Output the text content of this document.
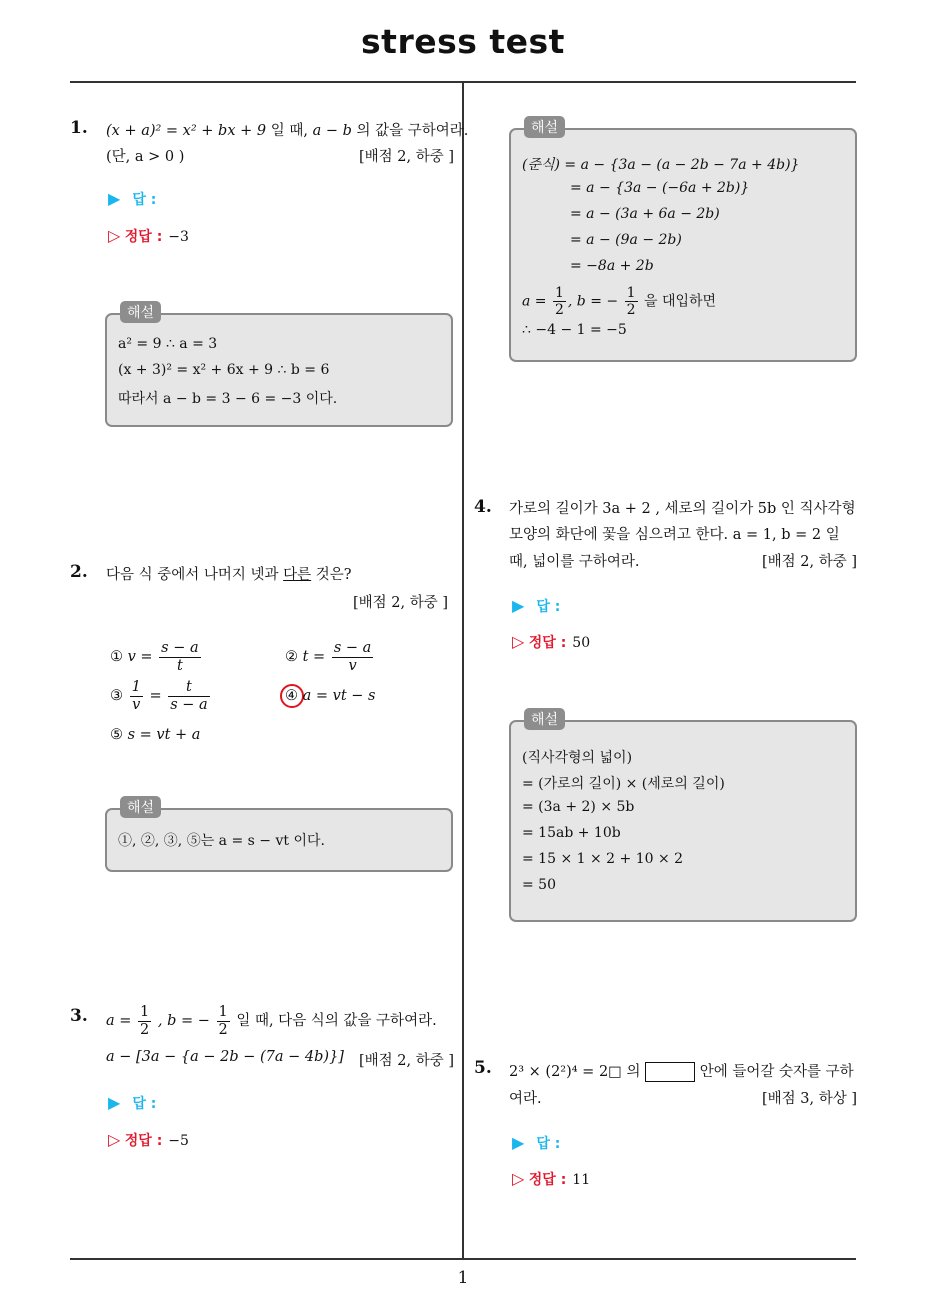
stress test
1. (x + a)² = x² + bx + 9 일 때, a − b 의 값을 구하여라.
(단, a > 0 )	[배점 2, 하중 ]
▶ 답 :
▷ 정답 : −3
해설
a² = 9 ∴ a = 3
(x + 3)² = x² + 6x + 9 ∴ b = 6
따라서 a − b = 3 − 6 = −3 이다.
2. 다음 식 중에서 나머지 넷과 다른 것은?
[배점 2, 하중 ]
① $v = \frac{s - a}{t}$	② $t = \frac{s - a}{v}$
③ $\frac{1}{v} = \frac{t}{s - a}$	④ a = vt − s
⑤ s = vt + a
해설
①, ②, ③, ⑤는 a = s − vt 이다.
3. $a = \frac{1}{2}$ , b = − $\frac{1}{2}$ 일 때, 다음 식의 값을 구하여라.
a − [3a − {a − 2b − (7a − 4b)}] [배점 2, 하중 ]
▶ 답 :
▷ 정답 : −5
해설
(준식) = a − {3a − (a − 2b − 7a + 4b)}
= a − {3a − (−6a + 2b)}
= a − (3a + 6a − 2b)
= a − (9a − 2b)
= −8a + 2b
$a = \frac{1}{2}$ , b = − $\frac{1}{2}$ 을 대입하면
∴ −4 − 1 = −5
4. 가로의 길이가 3a + 2 , 세로의 길이가 5b 인 직사각형
모양의 화단에 꽃을 심으려고 한다. a = 1, b = 2 일
때, 넓이를 구하여라.	[배점 2, 하중 ]
▶ 답 :
▷ 정답 : 50
해설
(직사각형의 넓이)
= (가로의 길이) × (세로의 길이)
= (3a + 2) × 5b
= 15ab + 10b
= 15 × 1 × 2 + 10 × 2
= 50
5. 2³ × (2²)⁴ = 2□ 의	안에 들어갈 숫자를 구하
여라.	[배점 3, 하상 ]
▶ 답 :
▷ 정답 : 11
1
